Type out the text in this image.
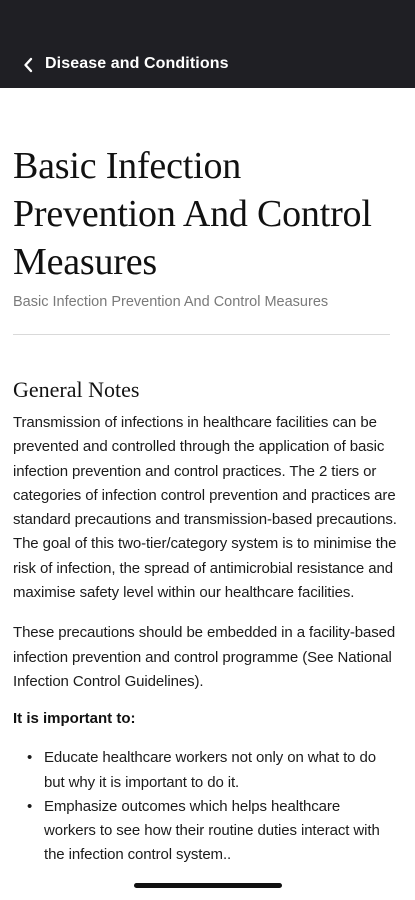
Disease and Conditions
Basic Infection Prevention And Control Measures
Basic Infection Prevention And Control Measures
General Notes

Transmission of infections in healthcare facilities can be prevented and controlled through the application of basic infection prevention and control practices. The 2 tiers or categories of infection control prevention and practices are standard precautions and transmission-based precautions. The goal of this two-tier/category system is to minimise the risk of infection, the spread of antimicrobial resistance and maximise safety level within our healthcare facilities.

These precautions should be embedded in a facility-based infection prevention and control programme (See National Infection Control Guidelines).

It is important to:
• Educate healthcare workers not only on what to do but why it is important to do it.
• Emphasize outcomes which helps healthcare workers to see how their routine duties interact with the infection control system..
